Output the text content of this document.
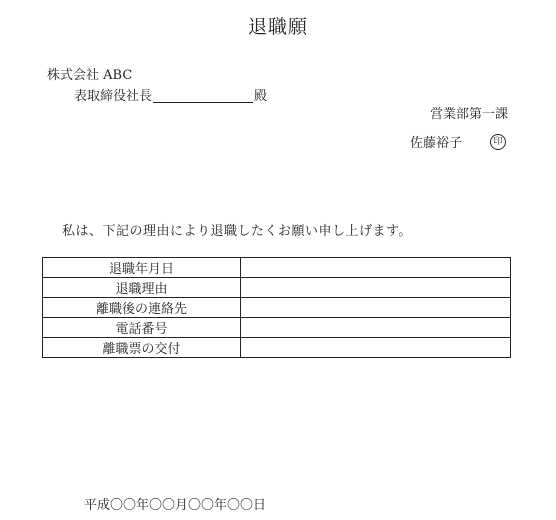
退職願
株式会社 ABC
表取締役社長	殿
営業部第一課
佐藤裕子	印
私は、下記の理由により退職したくお願い申し上げます。
退職年月日	
退職理由	
離職後の連絡先	
電話番号	
離職票の交付	
平成〇〇年〇〇月〇〇年〇〇日
